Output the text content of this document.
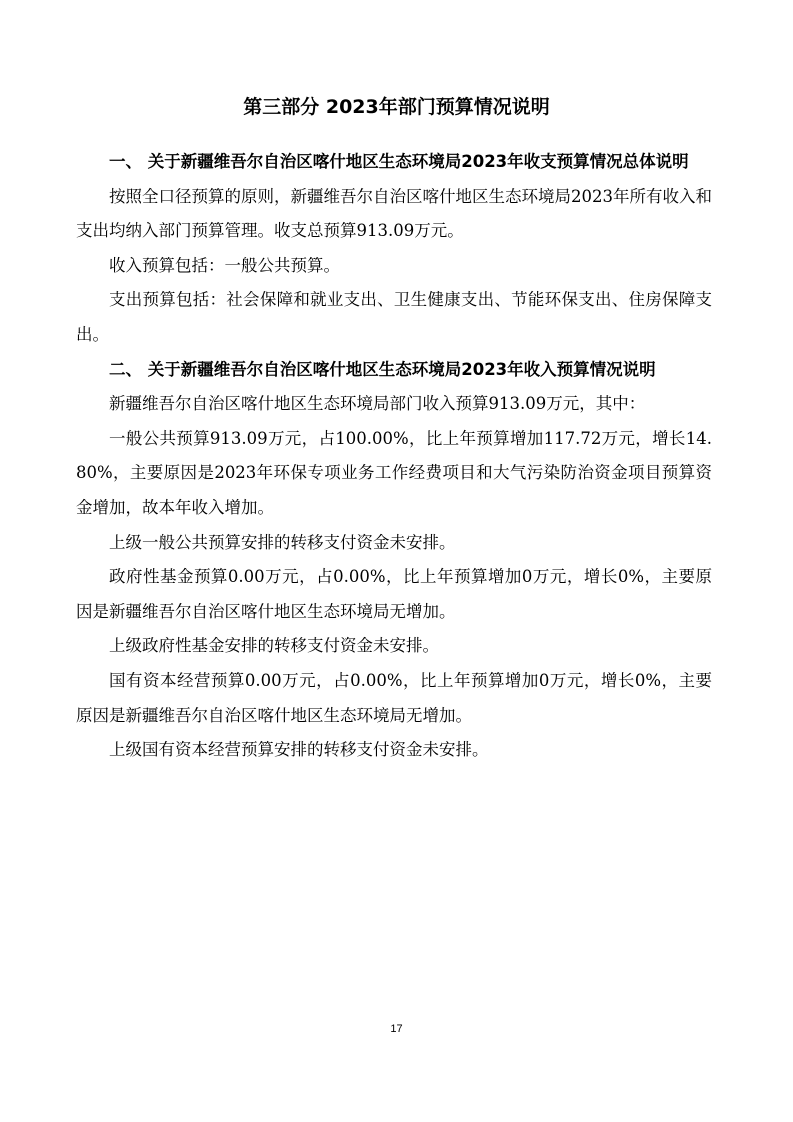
第三部分 2023年部门预算情况说明

一、 关于新疆维吾尔自治区喀什地区生态环境局2023年收支预算情况总体说明

按照全口径预算的原则，新疆维吾尔自治区喀什地区生态环境局2023年所有收入和支出均纳入部门预算管理。收支总预算913.09万元。

收入预算包括：一般公共预算。

支出预算包括：社会保障和就业支出、卫生健康支出、节能环保支出、住房保障支出。

二、 关于新疆维吾尔自治区喀什地区生态环境局2023年收入预算情况说明

新疆维吾尔自治区喀什地区生态环境局部门收入预算913.09万元，其中：

一般公共预算913.09万元，占100.00%，比上年预算增加117.72万元，增长14.80%，主要原因是2023年环保专项业务工作经费项目和大气污染防治资金项目预算资金增加，故本年收入增加。

上级一般公共预算安排的转移支付资金未安排。

政府性基金预算0.00万元，占0.00%，比上年预算增加0万元，增长0%，主要原因是新疆维吾尔自治区喀什地区生态环境局无增加。

上级政府性基金安排的转移支付资金未安排。

国有资本经营预算0.00万元，占0.00%，比上年预算增加0万元，增长0%，主要原因是新疆维吾尔自治区喀什地区生态环境局无增加。

上级国有资本经营预算安排的转移支付资金未安排。

17
